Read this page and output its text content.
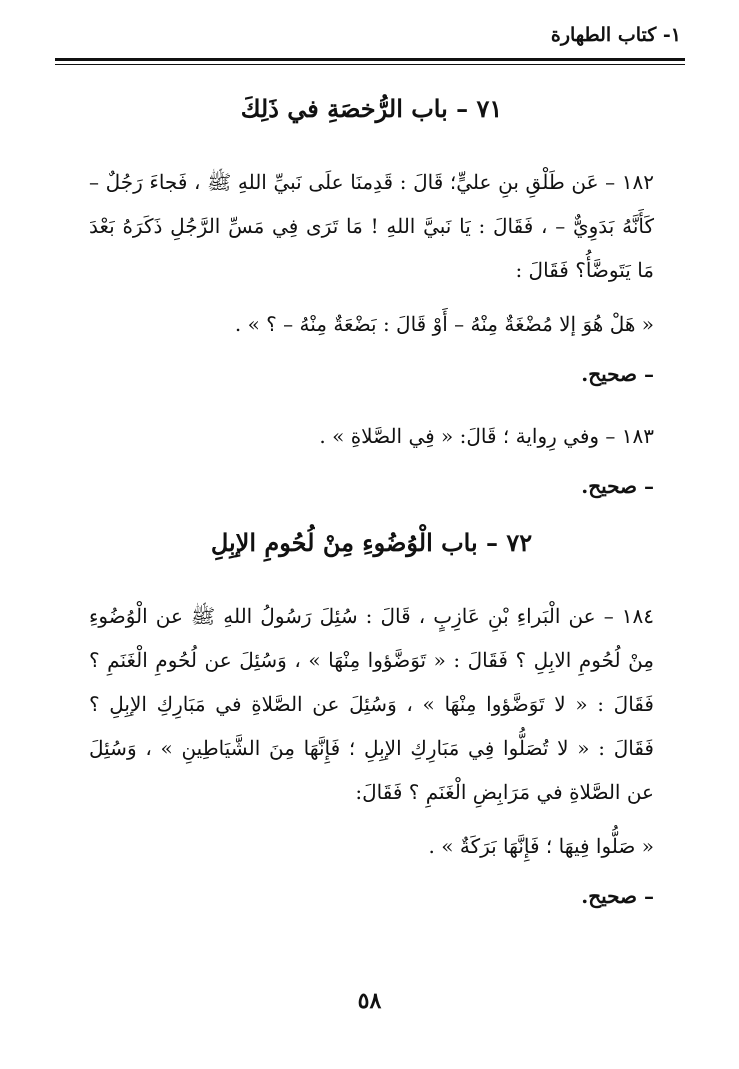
١- كتاب الطهارة
٧١ – باب الرُّخصَةِ في ذَلِكَ

١٨٢ – عَن طَلْقِ بنِ عليٍّ؛ قَالَ : قَدِمنَا علَى نَبيِّ اللهِ ﷺ ، فَجاءَ رَجُلٌ – كَأَنَّهُ بَدَوِيٌّ – ، فَقَالَ : يَا نَبيَّ اللهِ ! مَا تَرَى فِي مَسِّ الرَّجُلِ ذَكَرَهُ بَعْدَ مَا يَتَوضَّأُ؟ فَقَالَ :

« هَلْ هُوَ إلا مُضْغَةٌ مِنْهُ – أَوْ قَالَ : بَضْعَةٌ مِنْهُ – ؟ » .

– صحيح.

١٨٣ – وفي رِواية ؛ قَالَ: « فِي الصَّلاةِ » .

– صحيح.

٧٢ – باب الْوُضُوءِ مِنْ لُحُومِ الإبِلِ

١٨٤ – عن الْبَراءِ بْنِ عَازِبٍ ، قَالَ : سُئِلَ رَسُولُ اللهِ ﷺ عن الْوُضُوءِ مِنْ لُحُومِ الابِلِ ؟ فَقَالَ : « تَوَضَّؤوا مِنْهَا » ، وَسُئِلَ عن لُحُومِ الْغَنَمِ ؟ فَقَالَ : « لا تَوَضَّؤوا مِنْهَا » ، وَسُئِلَ عن الصَّلاةِ في مَبَارِكِ الإبِلِ ؟ فَقَالَ : « لا تُصَلُّوا فِي مَبَارِكِ الإبِلِ ؛ فَإِنَّهَا مِنَ الشَّيَاطِينِ » ، وَسُئِلَ عن الصَّلاةِ في مَرَابِضِ الْغَنَمِ ؟ فَقَالَ:

« صَلُّوا فِيهَا ؛ فَإِنَّهَا بَرَكَةٌ » .

– صحيح.

٥٨
